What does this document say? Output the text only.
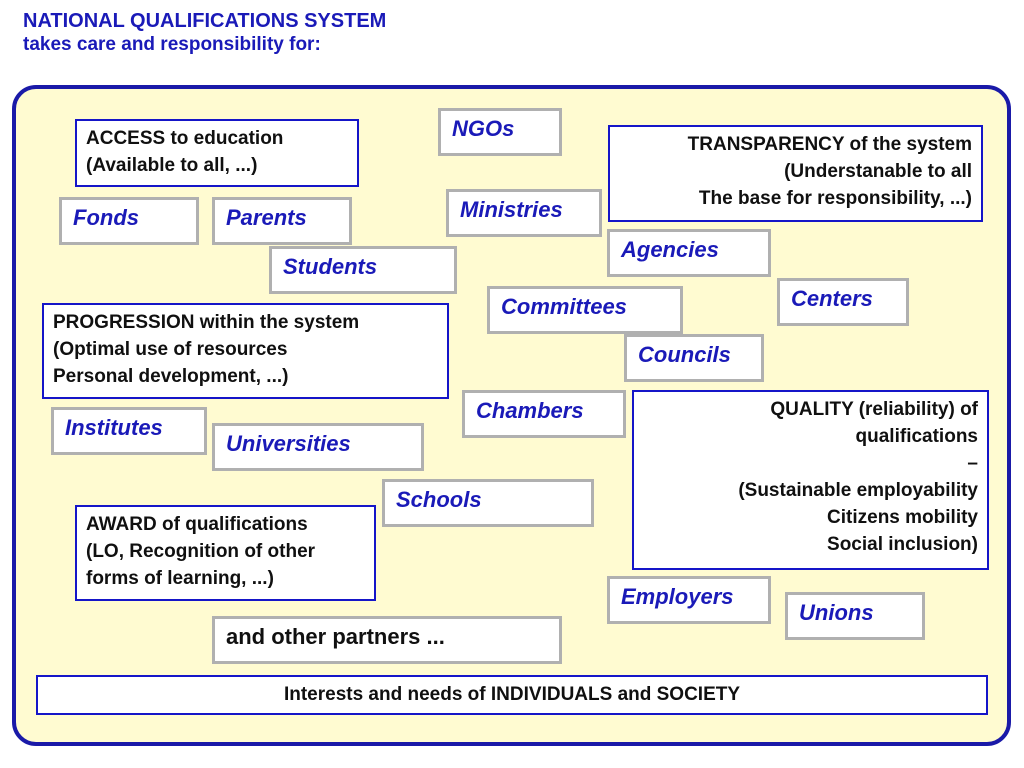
NATIONAL QUALIFICATIONS SYSTEM
takes care and responsibility for:
ACCESS to education
(Available to all, ...)
TRANSPARENCY of the system
(Understanable to all
The base for responsibility, ...)
PROGRESSION within the system
(Optimal use of resources
Personal development, ...)
QUALITY (reliability) of
qualifications
–
(Sustainable employability
Citizens mobility
Social inclusion)
AWARD of qualifications
(LO, Recognition of other
forms of learning, ...)
NGOs
Fonds	Parents	Ministries
Students
Agencies
Centers
Committees
Councils
Chambers
Institutes
Universities
Schools
Employers
Unions
and other partners ...
Interests and needs of INDIVIDUALS and SOCIETY
